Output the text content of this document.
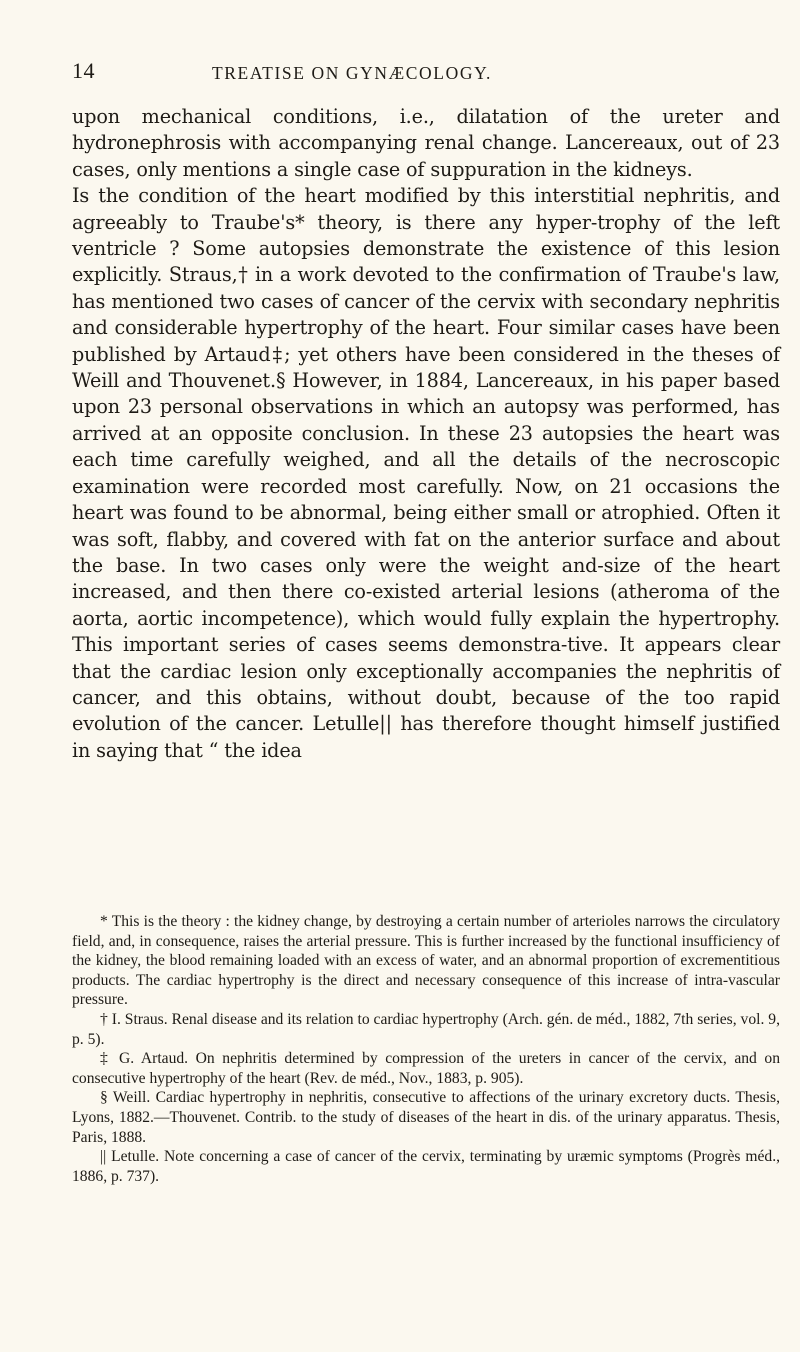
14	TREATISE ON GYNÆCOLOGY.

upon mechanical conditions, i.e., dilatation of the ureter and hydronephrosis with accompanying renal change. Lancereaux, out of 23 cases, only mentions a single case of suppuration in the kidneys.

Is the condition of the heart modified by this interstitial nephritis, and agreeably to Traube's* theory, is there any hyper-trophy of the left ventricle ? Some autopsies demonstrate the existence of this lesion explicitly. Straus,† in a work devoted to the confirmation of Traube's law, has mentioned two cases of cancer of the cervix with secondary nephritis and considerable hypertrophy of the heart. Four similar cases have been published by Artaud‡; yet others have been considered in the theses of Weill and Thouvenet.§ However, in 1884, Lancereaux, in his paper based upon 23 personal observations in which an autopsy was performed, has arrived at an opposite conclusion. In these 23 autopsies the heart was each time carefully weighed, and all the details of the necroscopic examination were recorded most carefully. Now, on 21 occasions the heart was found to be abnormal, being either small or atrophied. Often it was soft, flabby, and covered with fat on the anterior surface and about the base. In two cases only were the weight and-size of the heart increased, and then there co-existed arterial lesions (atheroma of the aorta, aortic incompetence), which would fully explain the hypertrophy. This important series of cases seems demonstra-tive. It appears clear that the cardiac lesion only exceptionally accompanies the nephritis of cancer, and this obtains, without doubt, because of the too rapid evolution of the cancer. Letulle|| has therefore thought himself justified in saying that “ the idea

* This is the theory : the kidney change, by destroying a certain number of arterioles narrows the circulatory field, and, in consequence, raises the arterial pressure. This is further increased by the functional insufficiency of the kidney, the blood remaining loaded with an excess of water, and an abnormal proportion of excrementitious products. The cardiac hypertrophy is the direct and necessary consequence of this increase of intra-vascular pressure.

† I. Straus. Renal disease and its relation to cardiac hypertrophy (Arch. gén. de méd., 1882, 7th series, vol. 9, p. 5).

‡ G. Artaud. On nephritis determined by compression of the ureters in cancer of the cervix, and on consecutive hypertrophy of the heart (Rev. de méd., Nov., 1883, p. 905).

§ Weill. Cardiac hypertrophy in nephritis, consecutive to affections of the urinary excretory ducts. Thesis, Lyons, 1882.—Thouvenet. Contrib. to the study of diseases of the heart in dis. of the urinary apparatus. Thesis, Paris, 1888.

|| Letulle. Note concerning a case of cancer of the cervix, terminating by uræmic symptoms (Progrès méd., 1886, p. 737).
